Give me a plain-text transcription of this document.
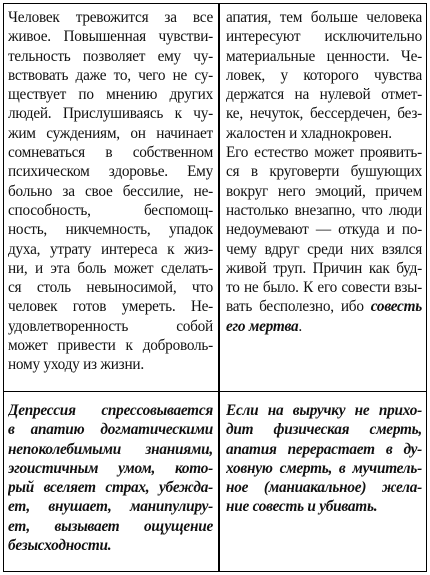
Человек тревожится за все
живое. Повышенная чувстви-
тельность позволяет ему чу-
вствовать даже то, чего не су-
ществует по мнению других
людей. Прислушиваясь к чу-
жим суждениям, он начинает
сомневаться в собственном
психическом здоровье. Ему
больно за свое бессилие, не-
способность, беспомощ-
ность, никчемность, упадок
духа, утрату интереса к жиз-
ни, и эта боль может сделать-
ся столь невыносимой, что
человек готов умереть. Не-
удовлетворенность собой
может привести к доброволь-
ному уходу из жизни.
апатия, тем больше человека
интересуют исключительно
материальные ценности. Че-
ловек, у которого чувства
держатся на нулевой отмет-
ке, нечуток, бессердечен, без-
жалостен и хладнокровен.
Его естество может проявить-
ся в круговерти бушующих
вокруг него эмоций, причем
настолько внезапно, что люди
недоумевают — откуда и по-
чему вдруг среди них взялся
живой труп. Причин как буд-
то не было. К его совести взы-
вать бесполезно, ибо совесть
его мертва.
Депрессия спрессовывается
в апатию догматическими
непоколебимыми знаниями,
эгоистичным умом, кото-
рый вселяет страх, убеждa-
ет, внушает, манипулиру-
ет, вызывает ощущение
безысходности.
Если на выручку не прихо-
дит физическая смерть,
апатия перерастает в ду-
ховную смерть, в мучитель-
ное (маниакальное) жела-
ние совесть и убивать.
